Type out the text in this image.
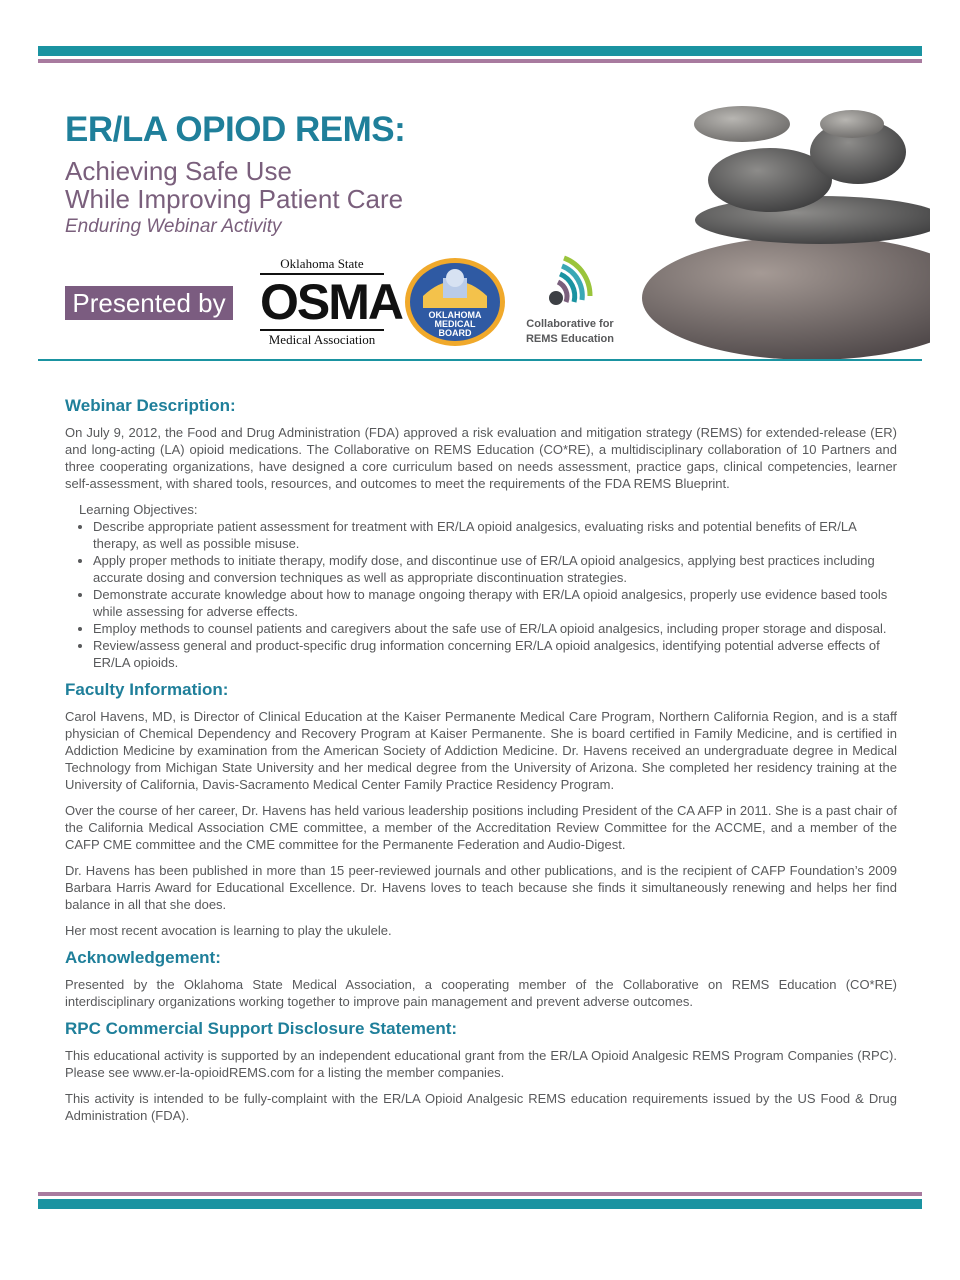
ER/LA OPIOD REMS:
Achieving Safe Use
While Improving Patient Care
Enduring Webinar Activity
Presented by
Oklahoma State
OSMA
Medical Association
OKLAHOMA
MEDICAL
BOARD
Collaborative for
REMS Education
Webinar Description:

On July 9, 2012, the Food and Drug Administration (FDA) approved a risk evaluation and mitigation strategy (REMS) for extended-release (ER) and long-acting (LA) opioid medications. The Collaborative on REMS Education (CO*RE), a multidisciplinary collaboration of 10 Partners and three cooperating organizations, have designed a core curriculum based on needs assessment, practice gaps, clinical competencies, learner self-assessment, with shared tools, resources, and outcomes to meet the requirements of the FDA REMS Blueprint.

Learning Objectives:
• Describe appropriate patient assessment for treatment with ER/LA opioid analgesics, evaluating risks and potential benefits of ER/LA therapy, as well as possible misuse.
• Apply proper methods to initiate therapy, modify dose, and discontinue use of ER/LA opioid analgesics, applying best practices including accurate dosing and conversion techniques as well as appropriate discontinuation strategies.
• Demonstrate accurate knowledge about how to manage ongoing therapy with ER/LA opioid analgesics, properly use evidence based tools while assessing for adverse effects.
• Employ methods to counsel patients and caregivers about the safe use of ER/LA opioid analgesics, including proper storage and disposal.
• Review/assess general and product-specific drug information concerning ER/LA opioid analgesics, identifying potential adverse effects of ER/LA opioids.
Faculty Information:

Carol Havens, MD, is Director of Clinical Education at the Kaiser Permanente Medical Care Program, Northern California Region, and is a staff physician of Chemical Dependency and Recovery Program at Kaiser Permanente. She is board certified in Family Medicine, and is certified in Addiction Medicine by examination from the American Society of Addiction Medicine. Dr. Havens received an undergraduate degree in Medical Technology from Michigan State University and her medical degree from the University of Arizona. She completed her residency training at the University of California, Davis-Sacramento Medical Center Family Practice Residency Program.

Over the course of her career, Dr. Havens has held various leadership positions including President of the CA AFP in 2011. She is a past chair of the California Medical Association CME committee, a member of the Accreditation Review Committee for the ACCME, and a member of the CAFP CME committee and the CME committee for the Permanente Federation and Audio-Digest.

Dr. Havens has been published in more than 15 peer-reviewed journals and other publications, and is the recipient of CAFP Foundation’s 2009 Barbara Harris Award for Educational Excellence. Dr. Havens loves to teach because she finds it simultaneously renewing and helps her find balance in all that she does.

Her most recent avocation is learning to play the ukulele.

Acknowledgement:

Presented by the Oklahoma State Medical Association, a cooperating member of the Collaborative on REMS Education (CO*RE) interdisciplinary organizations working together to improve pain management and prevent adverse outcomes.

RPC Commercial Support Disclosure Statement:

This educational activity is supported by an independent educational grant from the ER/LA Opioid Analgesic REMS Program Companies (RPC). Please see www.er-la-opioidREMS.com for a listing the member companies.

This activity is intended to be fully-complaint with the ER/LA Opioid Analgesic REMS education requirements issued by the US Food & Drug Administration (FDA).
